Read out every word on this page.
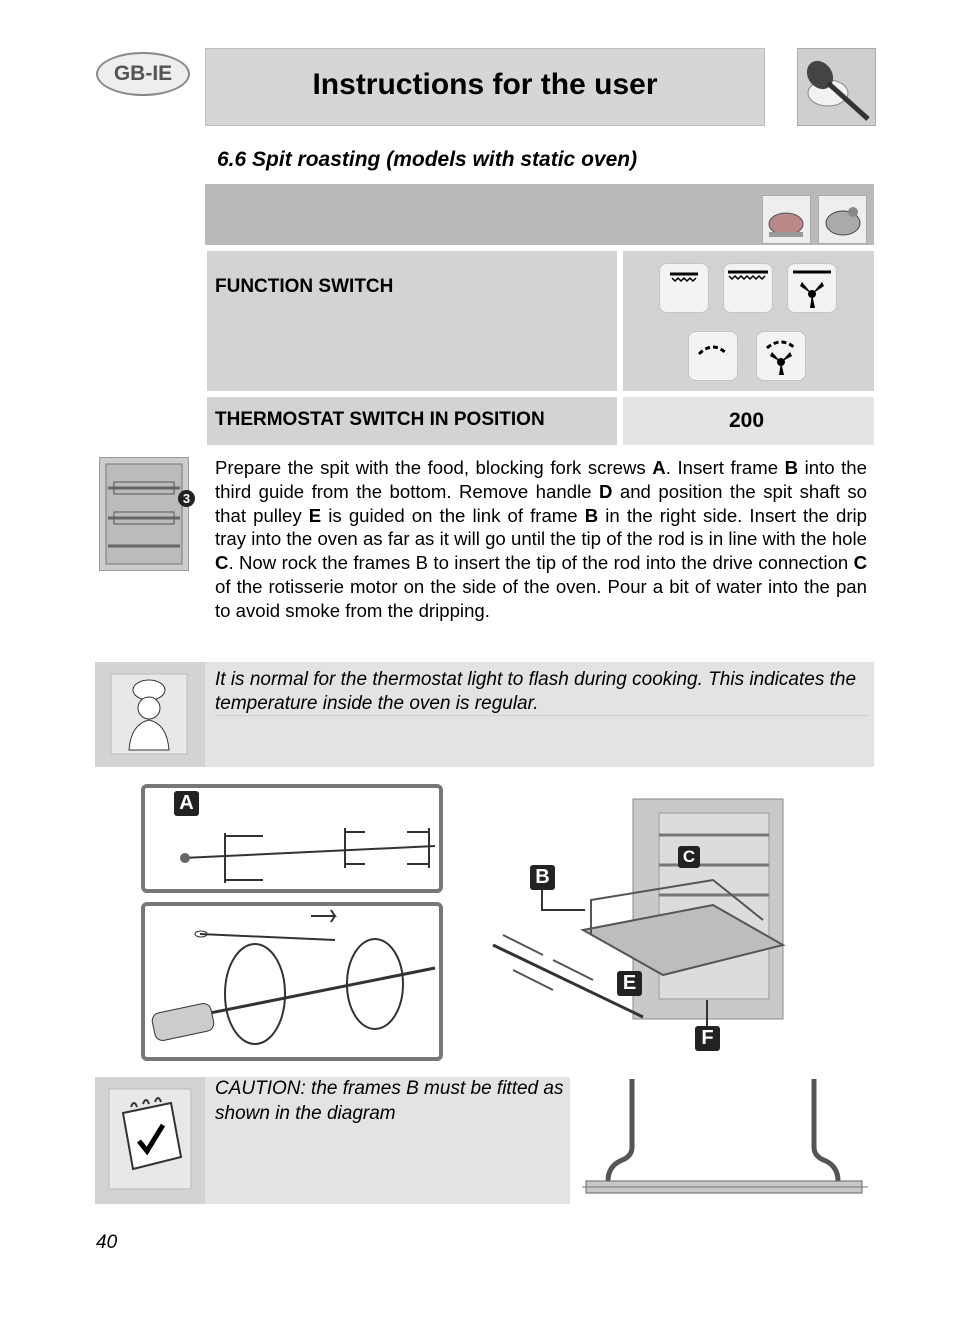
GB-IE	Instructions for the user
6.6 Spit roasting (models with static oven)
FUNCTION SWITCH
THERMOSTAT SWITCH IN POSITION	200
3
Prepare the spit with the food, blocking fork screws A. Insert frame B into the third guide from the bottom. Remove handle D and position the spit shaft so that pulley E is guided on the link of frame B in the right side. Insert the drip tray into the oven as far as it will go until the tip of the rod is in line with the hole C. Now rock the frames B to insert the tip of the rod into the drive connection C of the rotisserie motor on the side of the oven. Pour a bit of water into the pan to avoid smoke from the dripping.
It is normal for the thermostat light to flash during cooking. This indicates the temperature inside the oven is regular.
A
C
B
E
F
CAUTION: the frames B must be fitted as shown in the diagram
40
